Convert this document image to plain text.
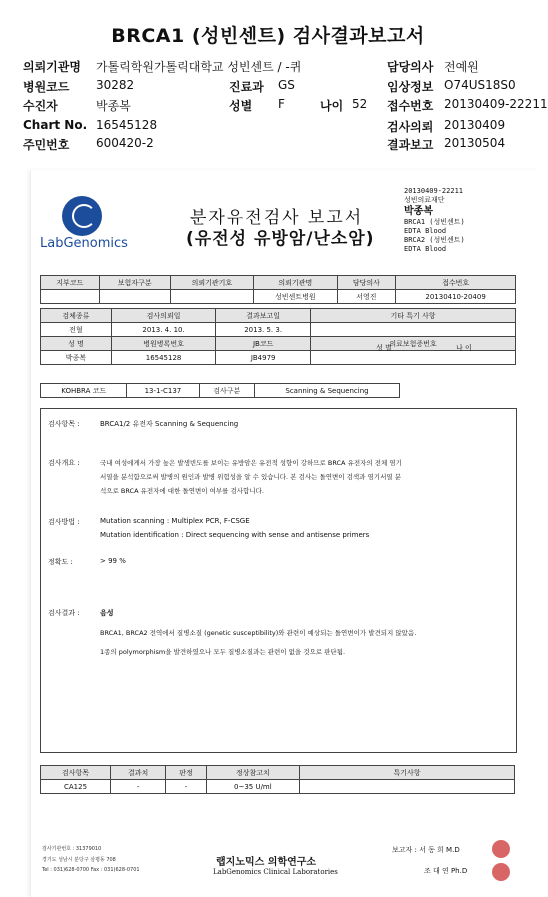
BRCA1 (성빈센트) 검사결과보고서
의뢰기관명 가톨릭학원가톨릭대학교 성빈센트 / -퀴	담당의사 전예원
병원코드 30282	진료과 GS	임상정보 O74US18S0
수진자	박종복	성별 F	나이 52 접수번호 20130409-22211
Chart No. 16545128	검사의뢰 20130409
주민번호 600420-2	결과보고 20130504
LabGenomics
분자유전검사 보고서
(유전성 유방암/난소암)
20130409-22211
성빈의료재단
박종복
BRCA1 (성빈센트)
EDTA Blood
BRCA2 (성빈센트)
EDTA Blood
지부코드	보험자구분	의뢰기관기호	의뢰기관명	담당의사	접수번호
			성빈센트병원	서영진	20130410-20409
검체종류	검사의뢰일	결과보고일	기타 특기 사항
전혈	2013. 4. 10.	2013. 5. 3.	
성 명	병원병록번호	JB코드	의료보험증번호
박종복	16545128	JB4979	
성 별	나 이
KOHBRA 코드	13-1-C137	검사구분	Scanning & Sequencing
검사항목 :	BRCA1/2 유전자 Scanning & Sequencing
검사개요 :	국내 여성에게서 가장 높은 발생빈도를 보이는 유방암은 유전적 성향이 강하므로 BRCA 유전자의 전체 염기
서열을 분석함으로써 발병의 원인과 발병 위험성을 알 수 있습니다. 본 검사는 돌연변이 검색과 염기서열 분
석으로 BRCA 유전자에 대한 돌연변이 여부를 검사합니다.
검사방법 :	Mutation scanning : Multiplex PCR, F-CSGE
Mutation identification : Direct sequencing with sense and antisense primers
정확도 :	> 99 %
검사결과 :	음성
BRCA1, BRCA2 전역에서 질병소질 (genetic susceptibility)와 관련이 예상되는 돌연변이가 발견되지 않았음.
1종의 polymorphism을 발견하였으나 모두 질병소질과는 관련이 없을 것으로 판단됨.
검사항목	결과치	판정	정상참고치	특기사항
CA125	-	-	0~35 U/ml	
검사기관번호 : 31379010
경기도 성남시 분당구 삼평동 708
Tel : 031)628-0700 Fax : 031)628-0701
랩지노믹스 의학연구소
LabGenomics Clinical Laboratories
보고자 : 서 동 희 M.D
조 대 연 Ph.D
